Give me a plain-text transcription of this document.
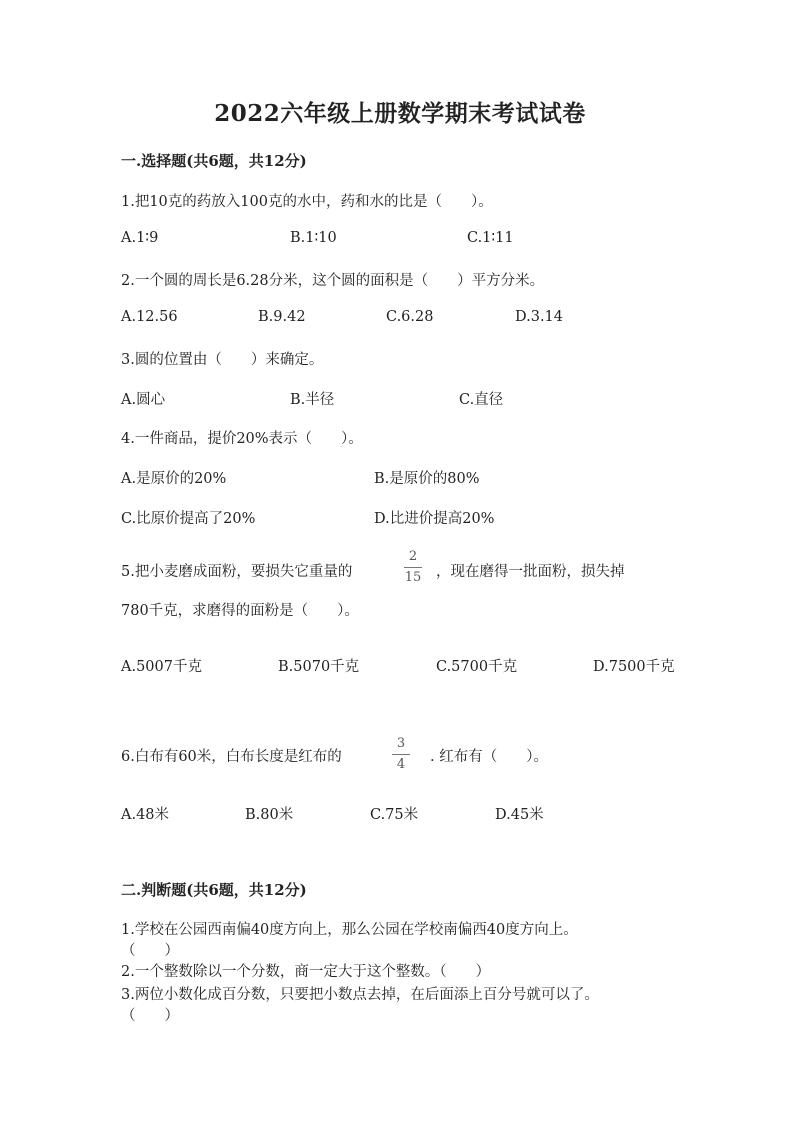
2022六年级上册数学期末考试试卷
一.选择题(共6题，共12分)
1.把10克的药放入100克的水中，药和水的比是（　　）。
A.1∶9	B.1∶10	C.1∶11
2.一个圆的周长是6.28分米，这个圆的面积是（　　）平方分米。
A.12.56	B.9.42	C.6.28	D.3.14
3.圆的位置由（　　）来确定。
A.圆心	B.半径	C.直径
4.一件商品，提价20%表示（　　）。
A.是原价的20%	B.是原价的80%
C.比原价提高了20%	D.比进价提高20%
5.把小麦磨成面粉，要损失它重量的
2
15 ，现在磨得一批面粉，损失掉
780千克，求磨得的面粉是（　　）。
A.5007千克	B.5070千克	C.5700千克	D.7500千克
6.白布有60米，白布长度是红布的
3
4	. 红布有（　　）。
A.48米	B.80米	C.75米	D.45米
二.判断题(共6题，共12分)
1.学校在公园西南偏40度方向上，那么公园在学校南偏西40度方向上。
（　　）
2.一个整数除以一个分数，商一定大于这个整数。（　　）
3.两位小数化成百分数，只要把小数点去掉，在后面添上百分号就可以了。
（　　）
